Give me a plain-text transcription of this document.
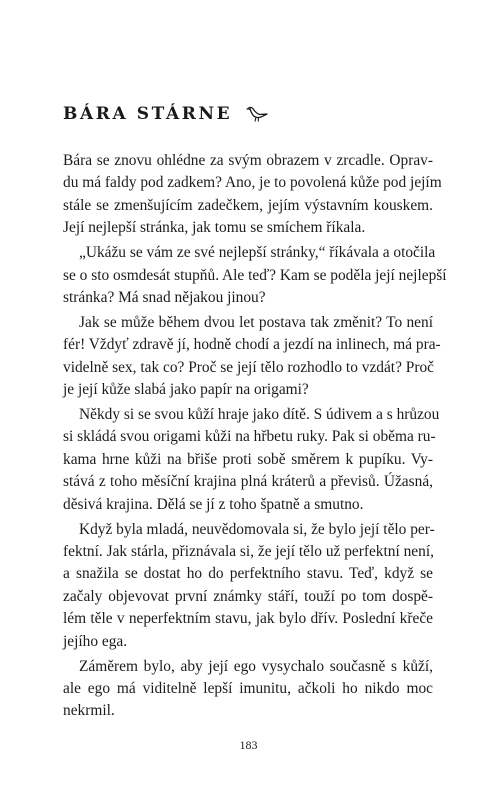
BÁRA STÁRNE
Bára se znovu ohlédne za svým obrazem v zrcadle. Oprav-
du má faldy pod zadkem? Ano, je to povolená kůže pod jejím
stále se zmenšujícím zadečkem, jejím výstavním kouskem.
Její nejlepší stránka, jak tomu se smíchem říkala.
„Ukážu se vám ze své nejlepší stránky,“ říkávala a otočila
se o sto osmdesát stupňů. Ale teď? Kam se poděla její nejlepší
stránka? Má snad nějakou jinou?
Jak se může během dvou let postava tak změnit? To není
fér! Vždyť zdravě jí, hodně chodí a jezdí na inlinech, má pra-
videlně sex, tak co? Proč se její tělo rozhodlo to vzdát? Proč
je její kůže slabá jako papír na origami?
Někdy si se svou kůží hraje jako dítě. S údivem a s hrůzou
si skládá svou origami kůži na hřbetu ruky. Pak si oběma ru-
kama hrne kůži na břiše proti sobě směrem k pupíku. Vy-
stává z toho měsíční krajina plná kráterů a převisů. Úžasná,
děsivá krajina. Dělá se jí z toho špatně a smutno.
Když byla mladá, neuvědomovala si, že bylo její tělo per-
fektní. Jak stárla, přiznávala si, že její tělo už perfektní není,
a snažila se dostat ho do perfektního stavu. Teď, když se
začaly objevovat první známky stáří, touží po tom dospě-
lém těle v neperfektním stavu, jak bylo dřív. Poslední křeče
jejího ega.
Záměrem bylo, aby její ego vysychalo současně s kůží,
ale ego má viditelně lepší imunitu, ačkoli ho nikdo moc
nekrmil.
183
